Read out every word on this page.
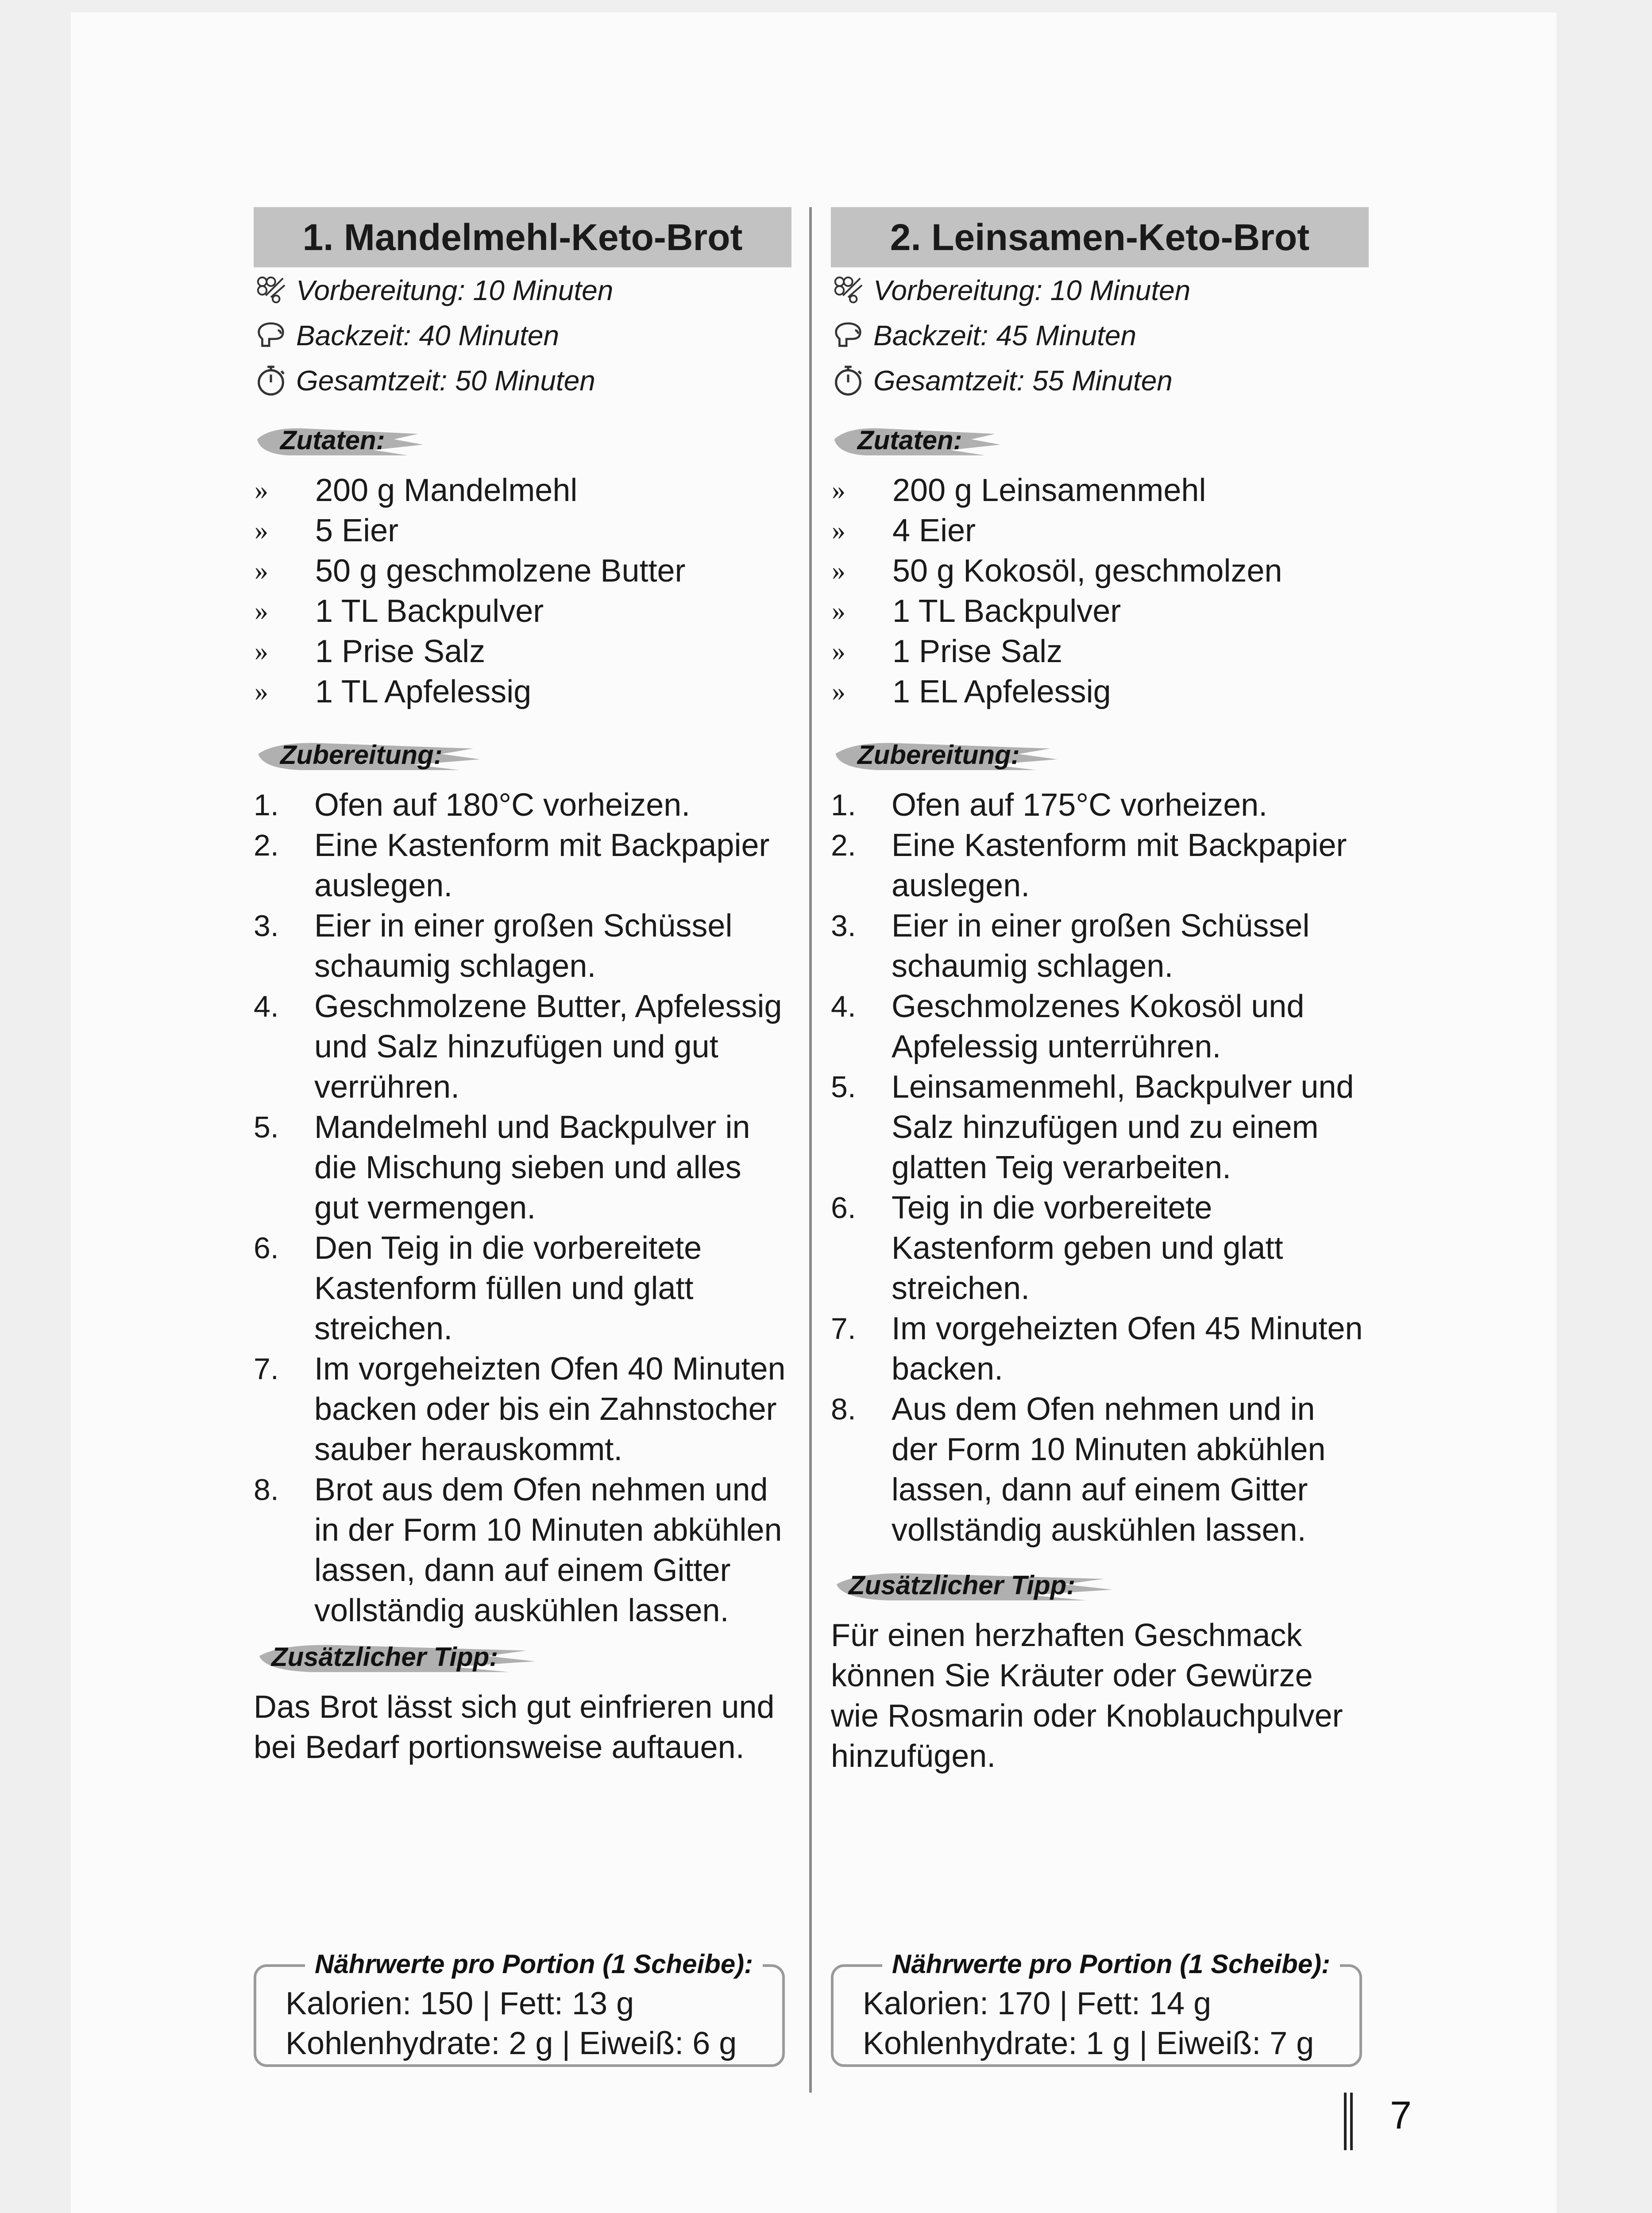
1. Mandelmehl-Keto-Brot
Vorbereitung: 10 Minuten
Backzeit: 40 Minuten
Gesamtzeit: 50 Minuten
Zutaten:
»	200 g Mandelmehl
»	5 Eier
»	50 g geschmolzene Butter
»	1 TL Backpulver
»	1 Prise Salz
»	1 TL Apfelessig
Zubereitung:
1.	Ofen auf 180°C vorheizen.
2.	Eine Kastenform mit Backpapier auslegen.
3.	Eier in einer großen Schüssel schaumig schlagen.
4.	Geschmolzene Butter, Apfelessig und Salz hinzufügen und gut verrühren.
5.	Mandelmehl und Backpulver in die Mischung sieben und alles gut vermengen.
6.	Den Teig in die vorbereitete Kastenform füllen und glatt streichen.
7.	Im vorgeheizten Ofen 40 Minuten backen oder bis ein Zahnstocher sauber herauskommt.
8.	Brot aus dem Ofen nehmen und in der Form 10 Minuten abkühlen lassen, dann auf einem Gitter vollständig auskühlen lassen.
Zusätzlicher Tipp:

Das Brot lässt sich gut einfrieren und bei Bedarf portionsweise auftauen.

2. Leinsamen-Keto-Brot
Vorbereitung: 10 Minuten
Backzeit: 45 Minuten
Gesamtzeit: 55 Minuten
Zutaten:
»	200 g Leinsamenmehl
»	4 Eier
»	50 g Kokosöl, geschmolzen
»	1 TL Backpulver
»	1 Prise Salz
»	1 EL Apfelessig
Zubereitung:
1.	Ofen auf 175°C vorheizen.
2.	Eine Kastenform mit Backpapier auslegen.
3.	Eier in einer großen Schüssel schaumig schlagen.
4.	Geschmolzenes Kokosöl und Apfelessig unterrühren.
5.	Leinsamenmehl, Backpulver und Salz hinzufügen und zu einem glatten Teig verarbeiten.
6.	Teig in die vorbereitete Kastenform geben und glatt streichen.
7.	Im vorgeheizten Ofen 45 Minuten backen.
8.	Aus dem Ofen nehmen und in der Form 10 Minuten abkühlen lassen, dann auf einem Gitter vollständig auskühlen lassen.
Zusätzlicher Tipp:

Für einen herzhaften Geschmack können Sie Kräuter oder Gewürze wie Rosmarin oder Knoblauchpulver hinzufügen.

Nährwerte pro Portion (1 Scheibe):
Kalorien: 150 | Fett: 13 g
Kohlenhydrate: 2 g | Eiweiß: 6 g
Nährwerte pro Portion (1 Scheibe):
Kalorien: 170 | Fett: 14 g
Kohlenhydrate: 1 g | Eiweiß: 7 g
7
